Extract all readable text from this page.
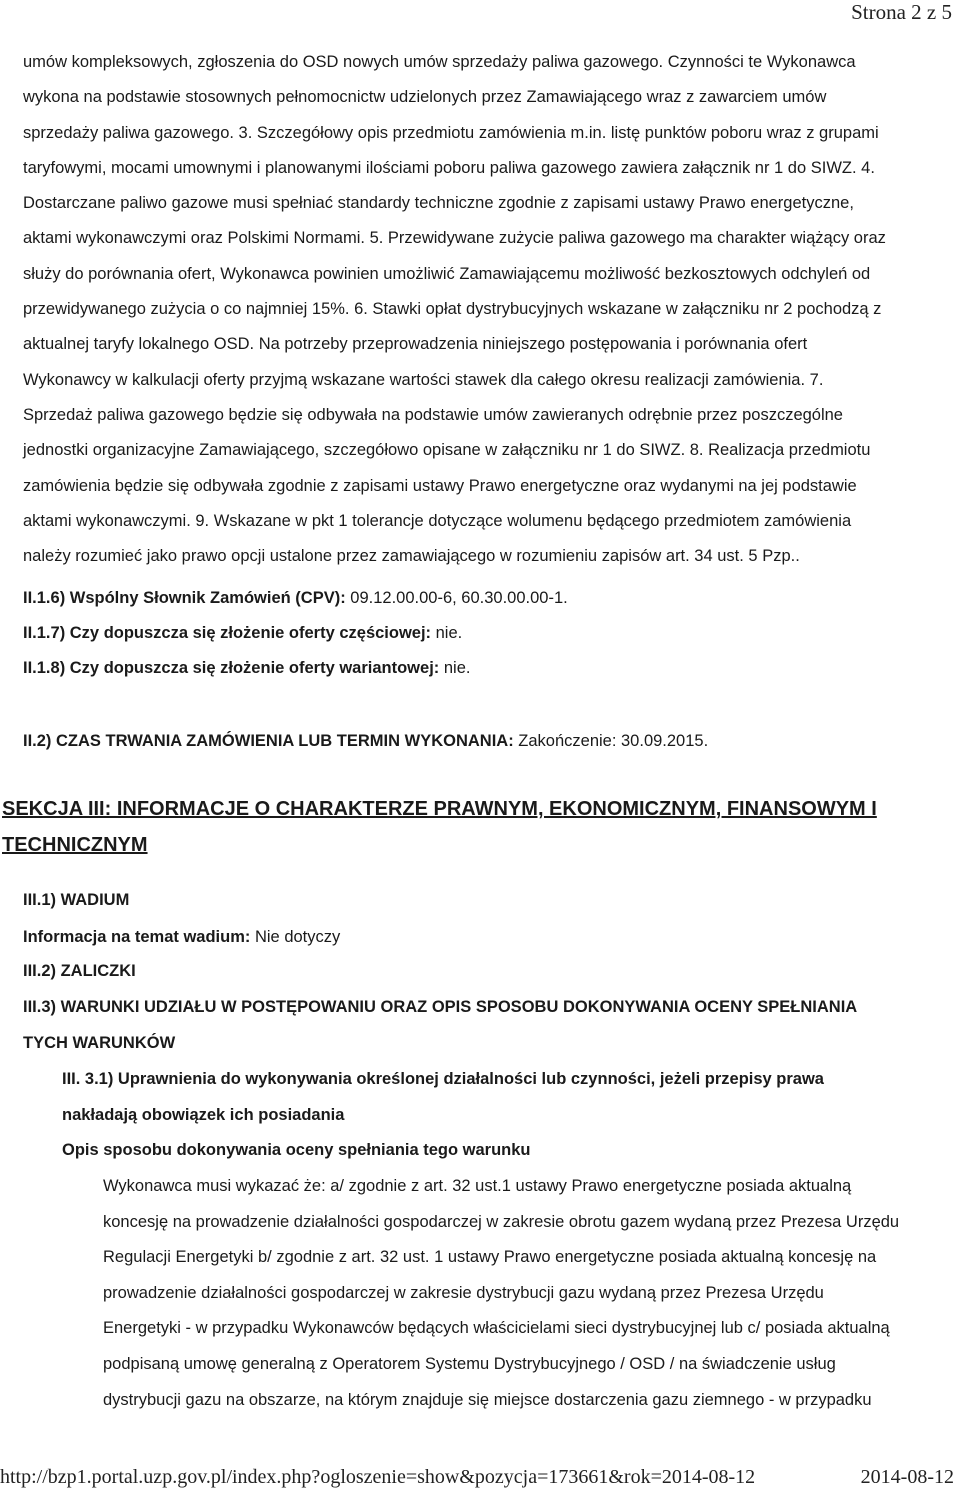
Strona 2 z 5
umów kompleksowych, zgłoszenia do OSD nowych umów sprzedaży paliwa gazowego. Czynności te Wykonawca
wykona na podstawie stosownych pełnomocnictw udzielonych przez Zamawiającego wraz z zawarciem umów
sprzedaży paliwa gazowego. 3. Szczegółowy opis przedmiotu zamówienia m.in. listę punktów poboru wraz z grupami
taryfowymi, mocami umownymi i planowanymi ilościami poboru paliwa gazowego zawiera załącznik nr 1 do SIWZ. 4.
Dostarczane paliwo gazowe musi spełniać standardy techniczne zgodnie z zapisami ustawy Prawo energetyczne,
aktami wykonawczymi oraz Polskimi Normami. 5. Przewidywane zużycie paliwa gazowego ma charakter wiążący oraz
służy do porównania ofert, Wykonawca powinien umożliwić Zamawiającemu możliwość bezkosztowych odchyleń od
przewidywanego zużycia o co najmniej 15%. 6. Stawki opłat dystrybucyjnych wskazane w załączniku nr 2 pochodzą z
aktualnej taryfy lokalnego OSD. Na potrzeby przeprowadzenia niniejszego postępowania i porównania ofert
Wykonawcy w kalkulacji oferty przyjmą wskazane wartości stawek dla całego okresu realizacji zamówienia. 7.
Sprzedaż paliwa gazowego będzie się odbywała na podstawie umów zawieranych odrębnie przez poszczególne
jednostki organizacyjne Zamawiającego, szczegółowo opisane w załączniku nr 1 do SIWZ. 8. Realizacja przedmiotu
zamówienia będzie się odbywała zgodnie z zapisami ustawy Prawo energetyczne oraz wydanymi na jej podstawie
aktami wykonawczymi. 9. Wskazane w pkt 1 tolerancje dotyczące wolumenu będącego przedmiotem zamówienia
należy rozumieć jako prawo opcji ustalone przez zamawiającego w rozumieniu zapisów art. 34 ust. 5 Pzp..
II.1.6) Wspólny Słownik Zamówień (CPV): 09.12.00.00-6, 60.30.00.00-1.
II.1.7) Czy dopuszcza się złożenie oferty częściowej: nie.
II.1.8) Czy dopuszcza się złożenie oferty wariantowej: nie.
II.2) CZAS TRWANIA ZAMÓWIENIA LUB TERMIN WYKONANIA: Zakończenie: 30.09.2015.
SEKCJA III: INFORMACJE O CHARAKTERZE PRAWNYM, EKONOMICZNYM, FINANSOWYM I
TECHNICZNYM
III.1) WADIUM
Informacja na temat wadium: Nie dotyczy
III.2) ZALICZKI
III.3) WARUNKI UDZIAŁU W POSTĘPOWANIU ORAZ OPIS SPOSOBU DOKONYWANIA OCENY SPEŁNIANIA
TYCH WARUNKÓW
III. 3.1) Uprawnienia do wykonywania określonej działalności lub czynności, jeżeli przepisy prawa
nakładają obowiązek ich posiadania
Opis sposobu dokonywania oceny spełniania tego warunku
Wykonawca musi wykazać że: a/ zgodnie z art. 32 ust.1 ustawy Prawo energetyczne posiada aktualną
koncesję na prowadzenie działalności gospodarczej w zakresie obrotu gazem wydaną przez Prezesa Urzędu
Regulacji Energetyki b/ zgodnie z art. 32 ust. 1 ustawy Prawo energetyczne posiada aktualną koncesję na
prowadzenie działalności gospodarczej w zakresie dystrybucji gazu wydaną przez Prezesa Urzędu
Energetyki - w przypadku Wykonawców będących właścicielami sieci dystrybucyjnej lub c/ posiada aktualną
podpisaną umowę generalną z Operatorem Systemu Dystrybucyjnego / OSD / na świadczenie usług
dystrybucji gazu na obszarze, na którym znajduje się miejsce dostarczenia gazu ziemnego - w przypadku
http://bzp1.portal.uzp.gov.pl/index.php?ogloszenie=show&pozycja=173661&rok=2014-08-12	2014-08-12
